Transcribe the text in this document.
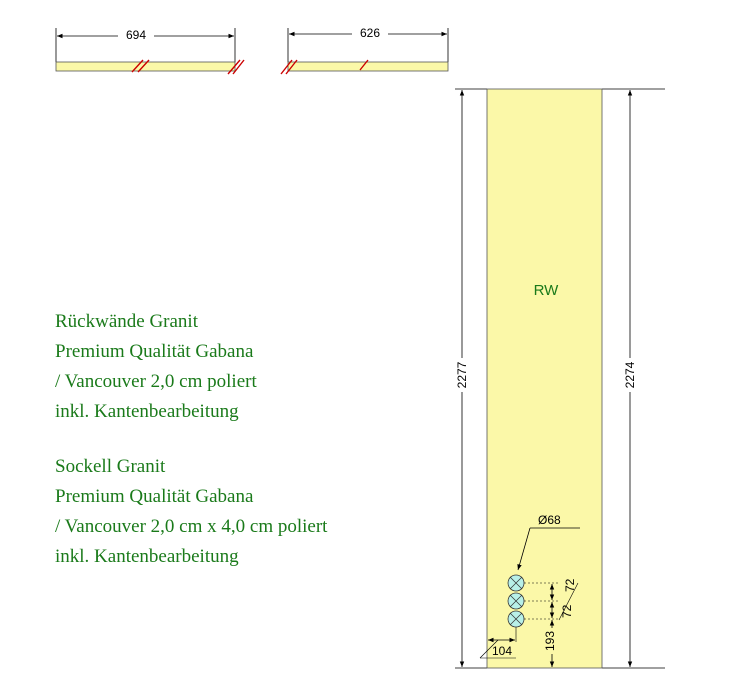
694	626
Rückwände Granit
Premium Qualität Gabana
/ Vancouver 2,0 cm poliert
inkl. Kantenbearbeitung
Sockell Granit
Premium Qualität Gabana
/ Vancouver 2,0 cm x 4,0 cm poliert
inkl. Kantenbearbeitung
2277	2274
RW
Ø68
72
72
193
104
